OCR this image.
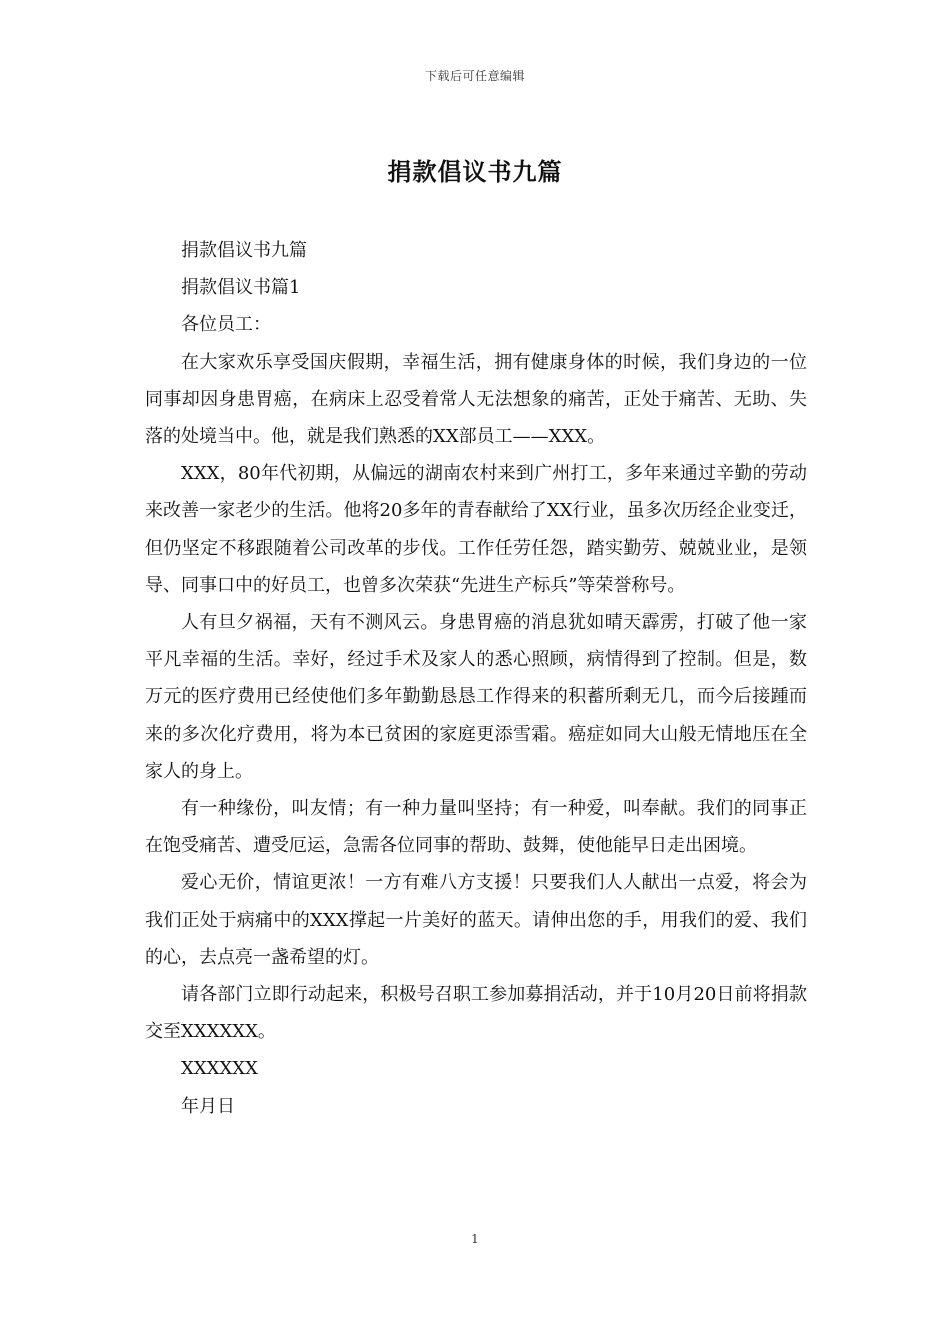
下载后可任意编辑
捐款倡议书九篇

捐款倡议书九篇

捐款倡议书篇1

各位员工：

在大家欢乐享受国庆假期，幸福生活，拥有健康身体的时候，我们身边的一位同事却因身患胃癌，在病床上忍受着常人无法想象的痛苦，正处于痛苦、无助、失落的处境当中。他，就是我们熟悉的XX部员工——XXX。

XXX，80年代初期，从偏远的湖南农村来到广州打工，多年来通过辛勤的劳动来改善一家老少的生活。他将20多年的青春献给了XX行业，虽多次历经企业变迁，但仍坚定不移跟随着公司改革的步伐。工作任劳任怨，踏实勤劳、兢兢业业，是领导、同事口中的好员工，也曾多次荣获“先进生产标兵”等荣誉称号。

人有旦夕祸福，天有不测风云。身患胃癌的消息犹如晴天霹雳，打破了他一家平凡幸福的生活。幸好，经过手术及家人的悉心照顾，病情得到了控制。但是，数万元的医疗费用已经使他们多年勤勤恳恳工作得来的积蓄所剩无几，而今后接踵而来的多次化疗费用，将为本已贫困的家庭更添雪霜。癌症如同大山般无情地压在全家人的身上。

有一种缘份，叫友情；有一种力量叫坚持；有一种爱，叫奉献。我们的同事正在饱受痛苦、遭受厄运，急需各位同事的帮助、鼓舞，使他能早日走出困境。

爱心无价，情谊更浓！一方有难八方支援！只要我们人人献出一点爱，将会为我们正处于病痛中的XXX撑起一片美好的蓝天。请伸出您的手，用我们的爱、我们的心，去点亮一盏希望的灯。

请各部门立即行动起来，积极号召职工参加募捐活动，并于10月20日前将捐款交至XXXXXX。

XXXXXX

年月日

1
